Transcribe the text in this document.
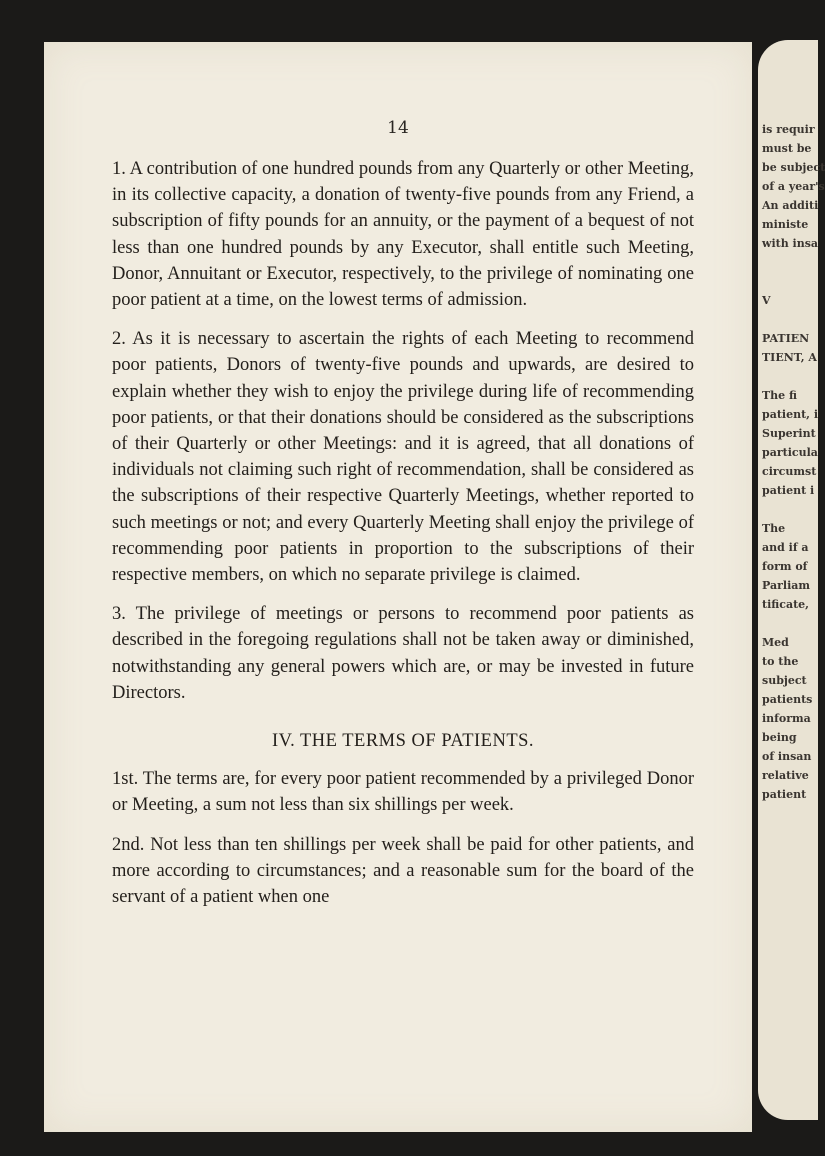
14

1. A contribution of one hundred pounds from any Quarterly or other Meeting, in its collective capacity, a donation of twenty-five pounds from any Friend, a subscription of fifty pounds for an annuity, or the payment of a bequest of not less than one hundred pounds by any Executor, shall entitle such Meeting, Donor, Annuitant or Executor, respectively, to the privilege of nominating one poor patient at a time, on the lowest terms of admission.

2. As it is necessary to ascertain the rights of each Meeting to recommend poor patients, Donors of twenty-five pounds and upwards, are desired to explain whether they wish to enjoy the privilege during life of recommending poor patients, or that their donations should be considered as the subscriptions of their Quarterly or other Meetings: and it is agreed, that all donations of individuals not claiming such right of recommendation, shall be considered as the subscriptions of their respective Quarterly Meetings, whether reported to such meetings or not; and every Quarterly Meeting shall enjoy the privilege of recommending poor patients in proportion to the subscriptions of their respective members, on which no separate privilege is claimed.

3. The privilege of meetings or persons to recommend poor patients as described in the foregoing regulations shall not be taken away or diminished, notwithstanding any general powers which are, or may be invested in future Directors.

IV. THE TERMS OF PATIENTS.

1st. The terms are, for every poor patient recommended by a privileged Donor or Meeting, a sum not less than six shillings per week.

2nd. Not less than ten shillings per week shall be paid for other patients, and more according to circumstances; and a reasonable sum for the board of the servant of a patient when one

is requir
must be
be subject
of a year's
An additi
ministe
with insa

V

PATIEN
TIENT, A

The fi
patient, i
Superint
particula
circumst
patient i

The
and if a
form of
Parliam
tificate,

Med
to the
subject
patients
informa
being
of insan
relative
patient
